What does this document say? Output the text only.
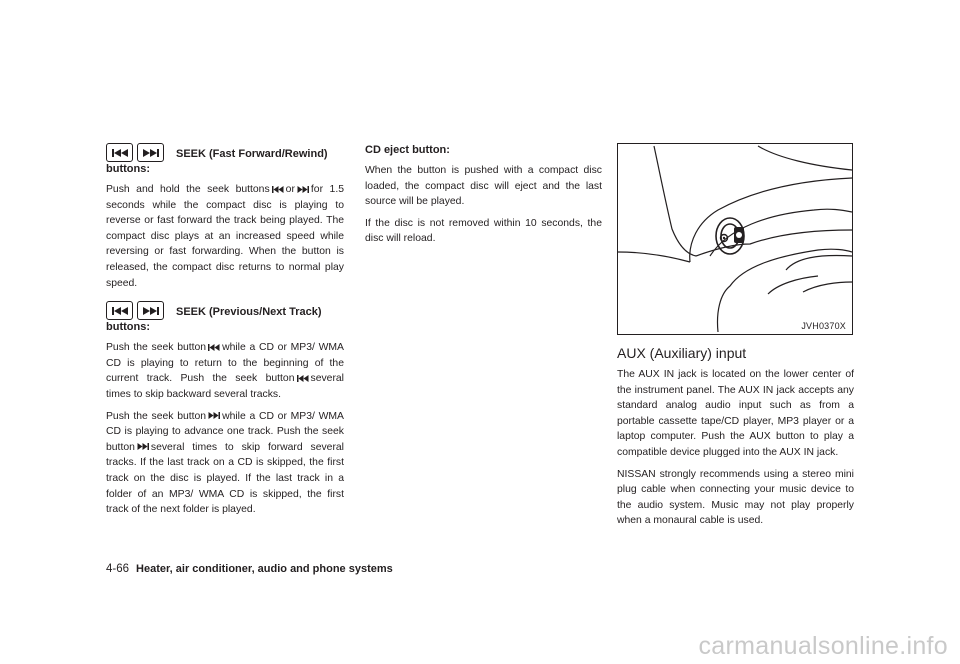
SEEK (Fast Forward/Rewind)
buttons:

Push and hold the seek buttons or for 1.5 seconds while the compact disc is playing to reverse or fast forward the track being played. The compact disc plays at an increased speed while reversing or fast forwarding. When the button is released, the compact disc returns to normal play speed.

SEEK (Previous/Next Track)
buttons:

Push the seek button while a CD or MP3/ WMA CD is playing to return to the beginning of the current track. Push the seek button several times to skip backward several tracks.

Push the seek button while a CD or MP3/ WMA CD is playing to advance one track. Push the seek button several times to skip forward several tracks. If the last track on a CD is skipped, the first track on the disc is played. If the last track in a folder of an MP3/ WMA CD is skipped, the first track of the next folder is played.

CD eject button:

When the button is pushed with a compact disc loaded, the compact disc will eject and the last source will be played.

If the disc is not removed within 10 seconds, the disc will reload.

JVH0370X
AUX (Auxiliary) input

The AUX IN jack is located on the lower center of the instrument panel. The AUX IN jack accepts any standard analog audio input such as from a portable cassette tape/CD player, MP3 player or a laptop computer. Push the AUX button to play a compatible device plugged into the AUX IN jack.

NISSAN strongly recommends using a stereo mini plug cable when connecting your music device to the audio system. Music may not play properly when a monaural cable is used.

4-66 Heater, air conditioner, audio and phone systems
carmanualsonline.info
